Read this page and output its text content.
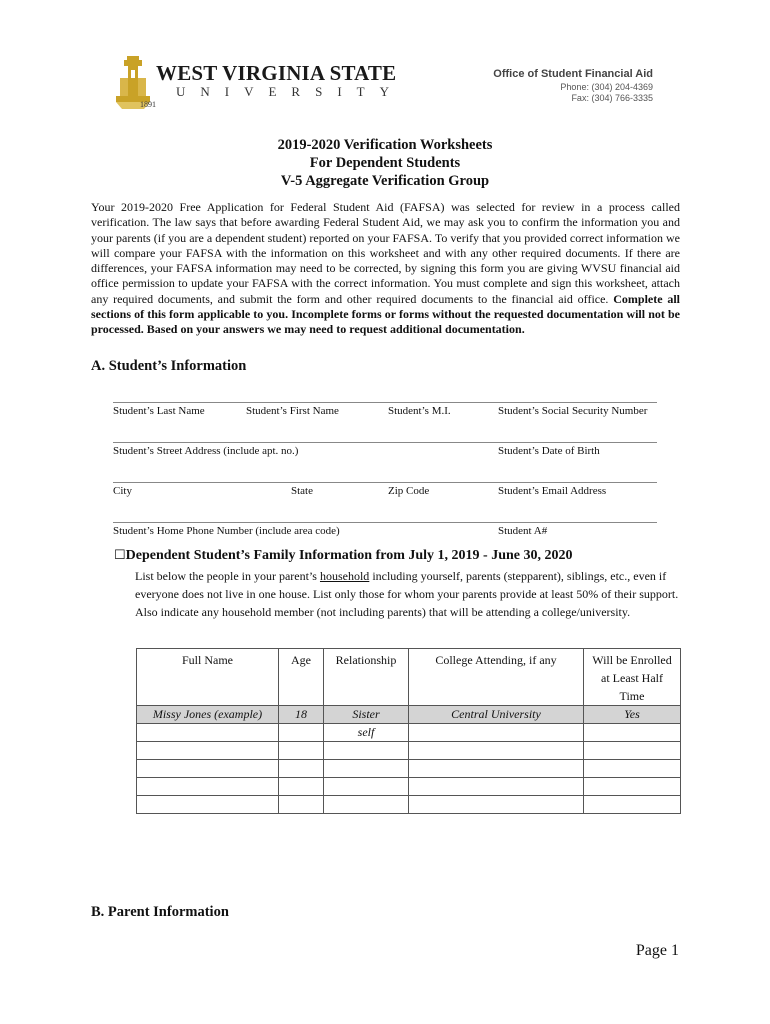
WEST VIRGINIA STATE
UNIVERSITY
1891
Office of Student Financial Aid
Phone: (304) 204-4369
Fax: (304) 766-3335
2019-2020 Verification Worksheets
For Dependent Students
V-5 Aggregate Verification Group
Your 2019-2020 Free Application for Federal Student Aid (FAFSA) was selected for review in a process called verification. The law says that before awarding Federal Student Aid, we may ask you to confirm the information you and your parents (if you are a dependent student) reported on your FAFSA. To verify that you provided correct information we will compare your FAFSA with the information on this worksheet and with any other required documents. If there are differences, your FAFSA information may need to be corrected, by signing this form you are giving WVSU financial aid office permission to update your FAFSA with the correct information. You must complete and sign this worksheet, attach any required documents, and submit the form and other required documents to the financial aid office. Complete all sections of this form applicable to you. Incomplete forms or forms without the requested documentation will not be processed. Based on your answers we may need to request additional documentation.
A. Student’s Information
Student’s Last Name	Student’s First Name	Student’s M.I.	Student’s Social Security Number
Student’s Street Address (include apt. no.)	Student’s Date of Birth
City	State	Zip Code	Student’s Email Address
Student’s Home Phone Number (include area code)	Student A#
☐Dependent Student’s Family Information from July 1, 2019 - June 30, 2020
List below the people in your parent’s household including yourself, parents (stepparent), siblings, etc., even if everyone does not live in one house. List only those for whom your parents provide at least 50% of their support. Also indicate any household member (not including parents) that will be attending a college/university.
Full Name	Age	Relationship	College Attending, if any	Will be Enrolled at Least Half Time
Missy Jones (example)	18	Sister	Central University	Yes
		self		

B. Parent Information
Page 1
